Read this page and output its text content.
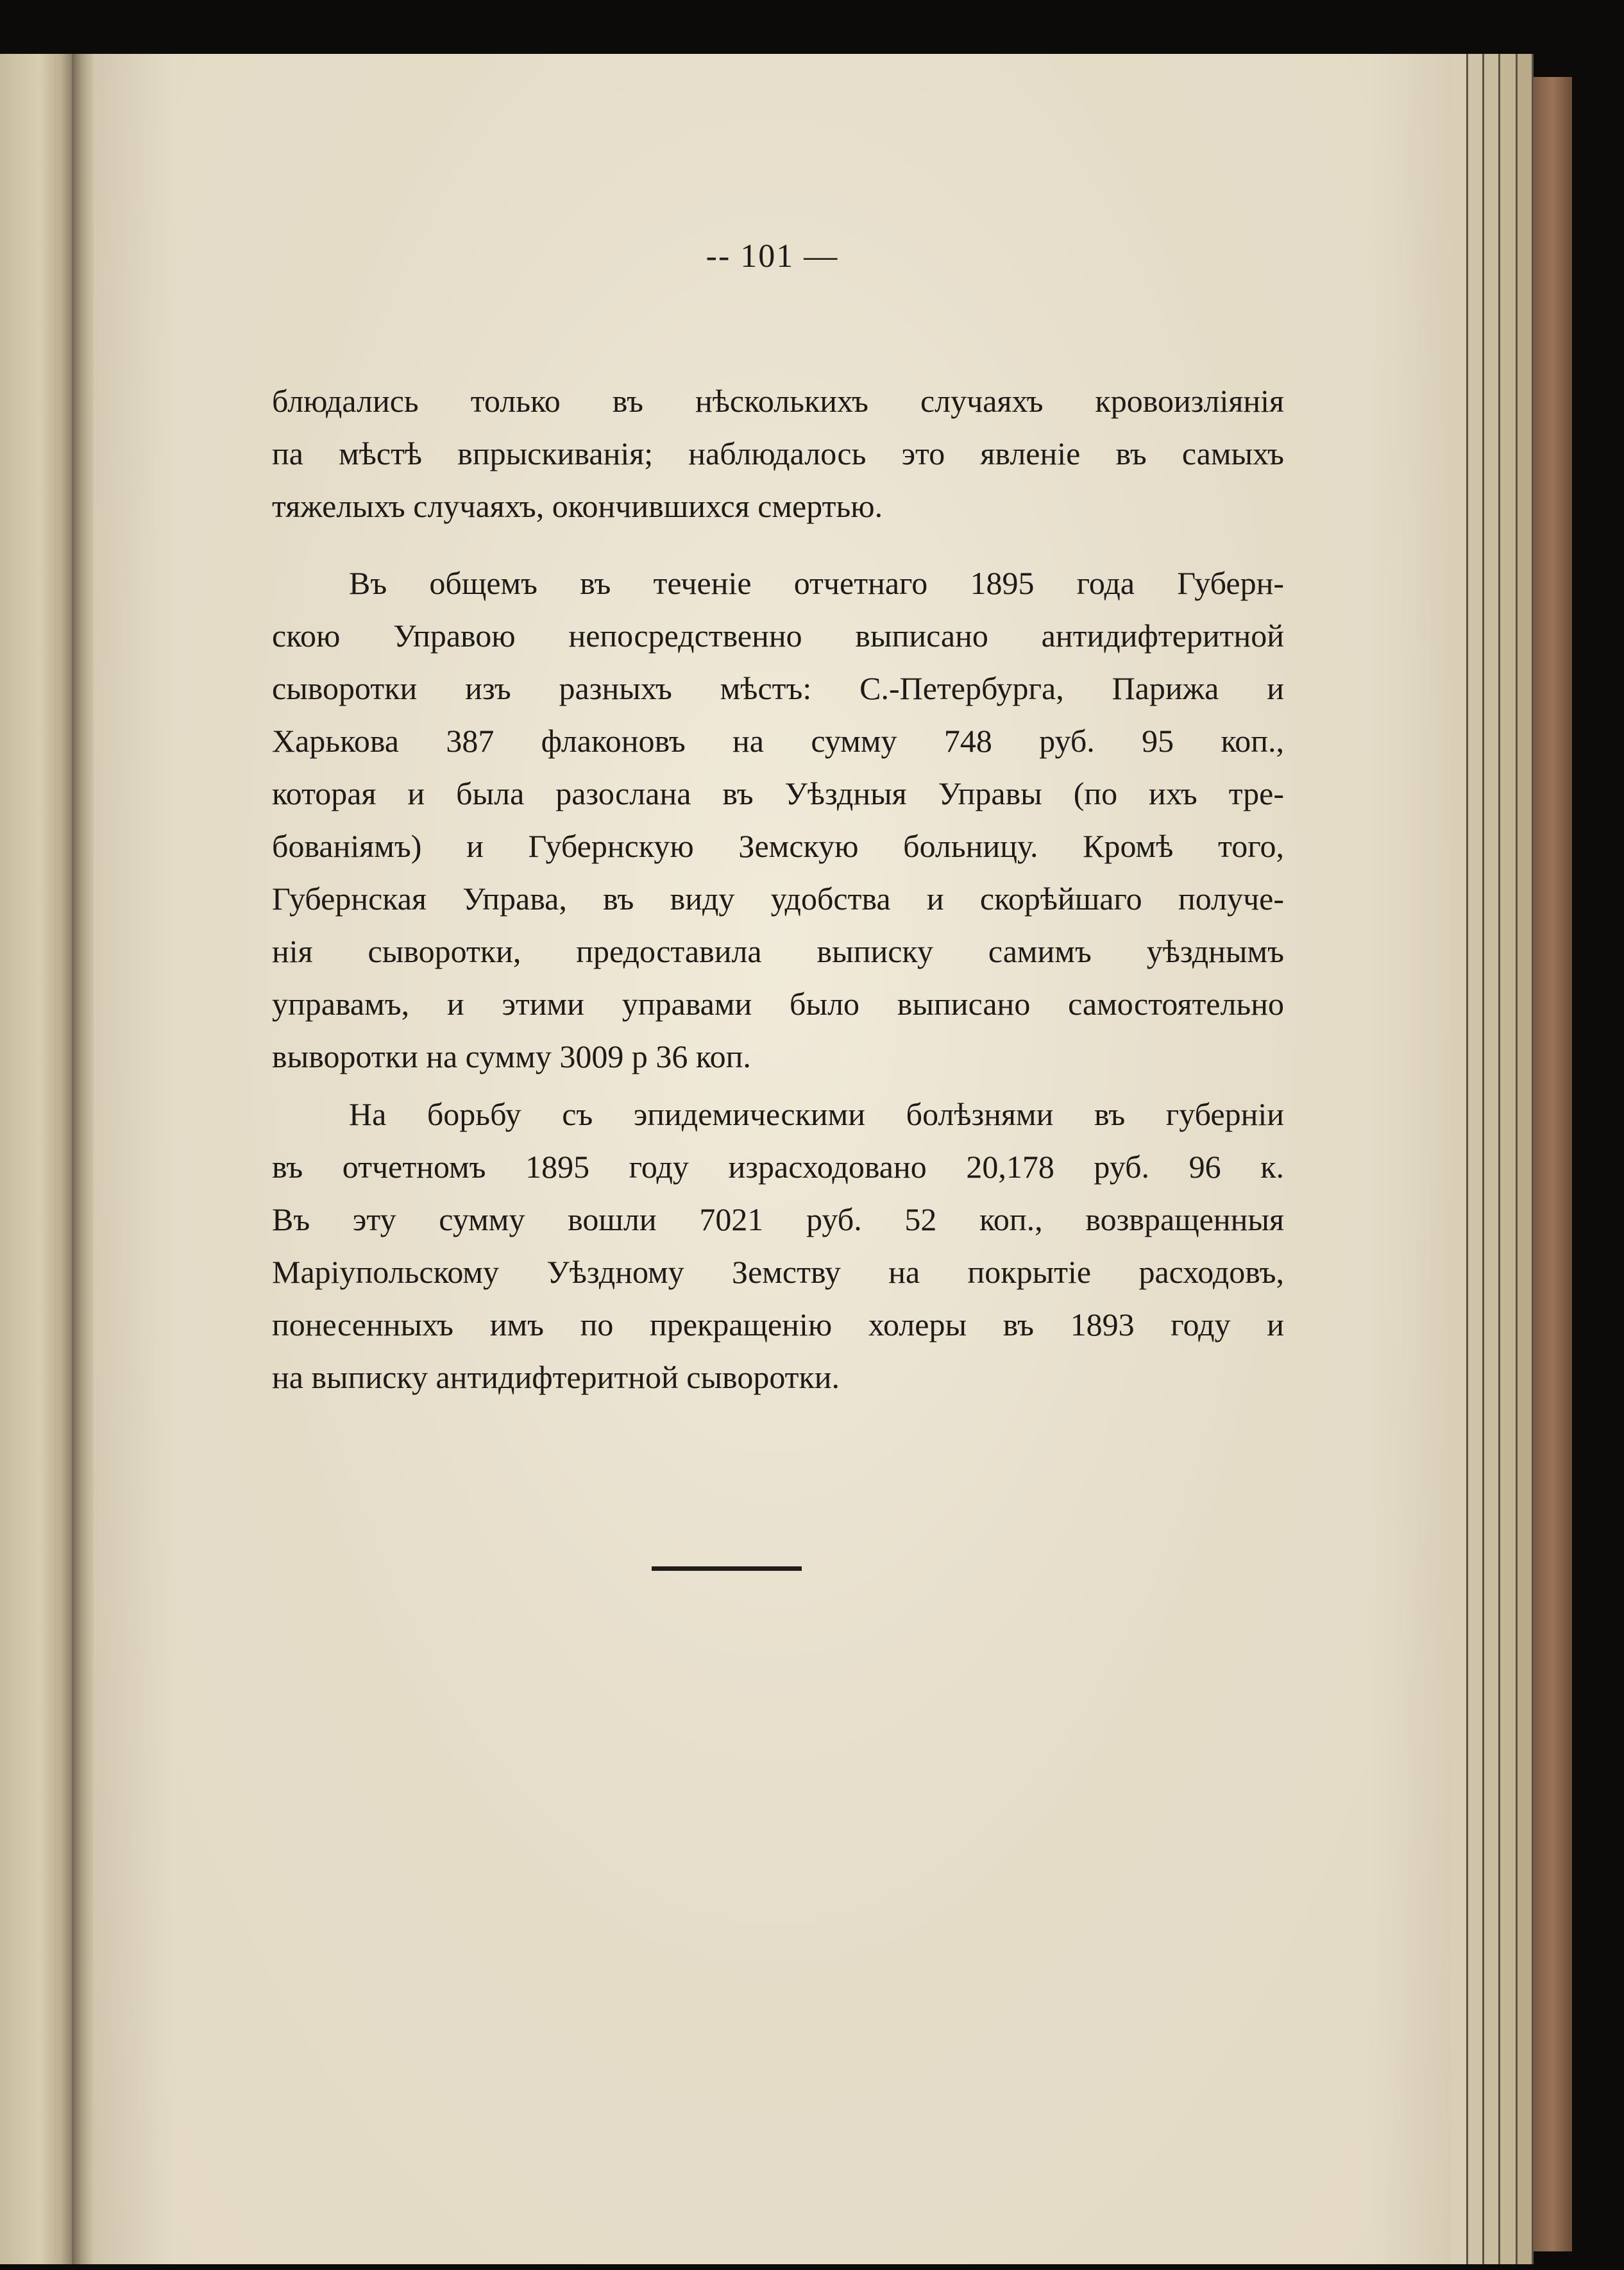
-- 101 —
блюдались только въ нѣсколькихъ случаяхъ кровоизліянія
па мѣстѣ впрыскиванія; наблюдалось это явленіе въ самыхъ
тяжелыхъ случаяхъ, окончившихся смертью.
Въ общемъ въ теченіе отчетнаго 1895 года Губерн-
скою Управою непосредственно выписано антидифтеритной
сыворотки изъ разныхъ мѣстъ: С.-Петербурга, Парижа и
Харькова 387 флаконовъ на сумму 748 руб. 95 коп.,
которая и была разослана въ Уѣздныя Управы (по ихъ тре-
бованіямъ) и Губернскую Земскую больницу. Кромѣ того,
Губернская Управа, въ виду удобства и скорѣйшаго получе-
нія сыворотки, предоставила выписку самимъ уѣзднымъ
управамъ, и этими управами было выписано самостоятельно
выворотки на сумму 3009 р 36 коп.
На борьбу съ эпидемическими болѣзнями въ губерніи
въ отчетномъ 1895 году израсходовано 20,178 руб. 96 к.
Въ эту сумму вошли 7021 руб. 52 коп., возвращенныя
Маріупольскому Уѣздному Земству на покрытіе расходовъ,
понесенныхъ имъ по прекращенію холеры въ 1893 году и
на выписку антидифтеритной сыворотки.
